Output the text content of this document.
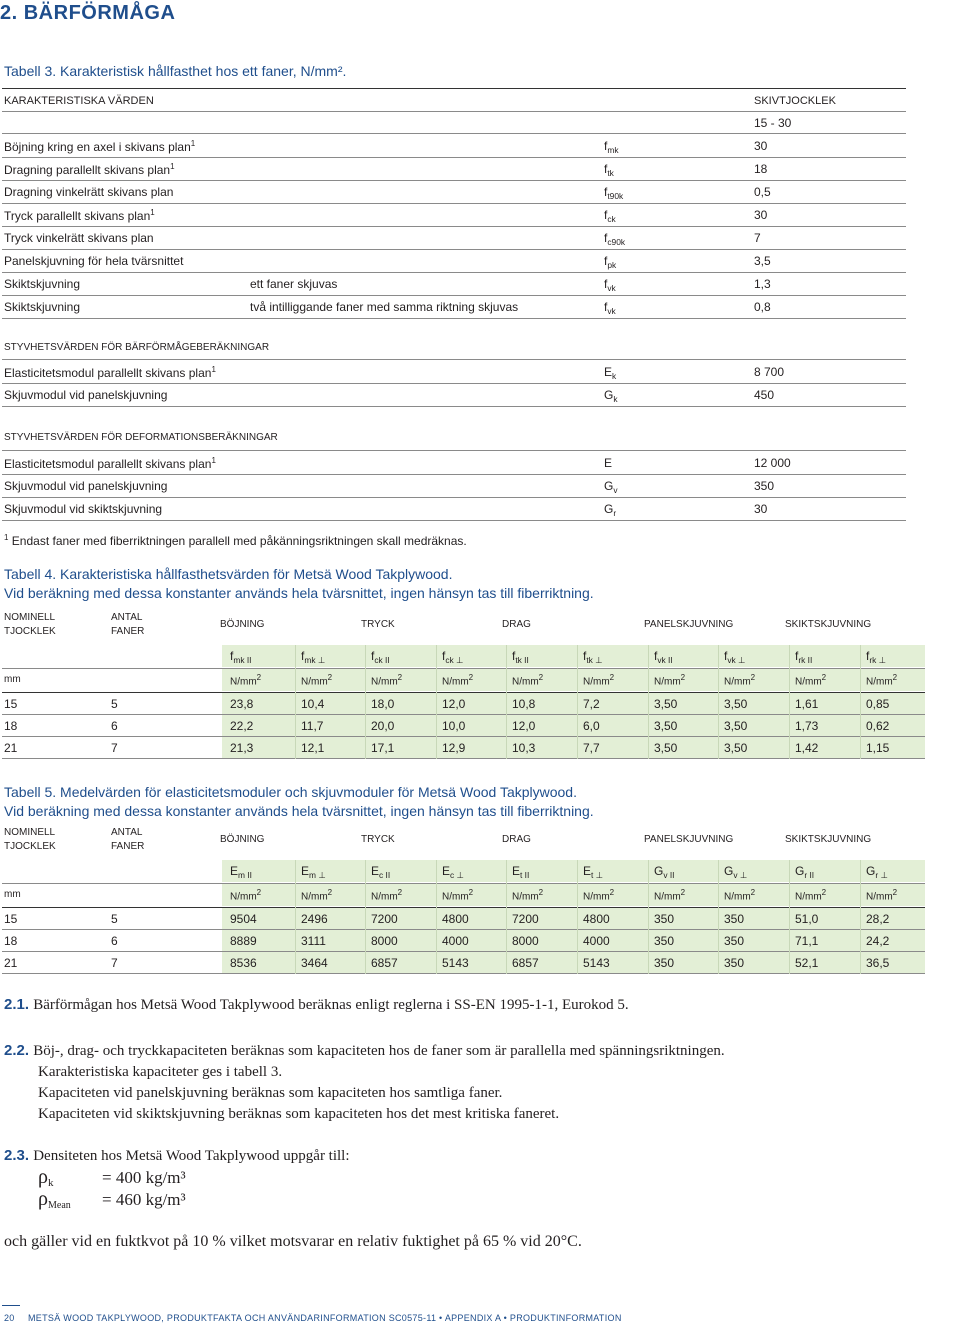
2. BÄRFÖRMÅGA
Tabell 3. Karakteristisk hållfasthet hos ett faner, N/mm².
KARAKTERISTISKA VÄRDEN	SKIVTJOCKLEK
15 - 30
Böjning kring en axel i skivans plan$^1$	$f_{mk}$	30
Dragning parallellt skivans plan$^1$	$f_{tk}$	18
Dragning vinkelrätt skivans plan	$f_{t90k}$	0,5
Tryck parallellt skivans plan$^1$	$f_{ck}$	30
Tryck vinkelrätt skivans plan	$f_{c90k}$	7
Panelskjuvning för hela tvärsnittet	$f_{pk}$	3,5
Skiktskjuvning	ett faner skjuvas	$f_{vk}$	1,3
Skiktskjuvning	två intilliggande faner med samma riktning skjuvas	$f_{vk}$	0,8
STYVHETSVÄRDEN FÖR BÄRFÖRMÅGEBERÄKNINGAR
Elasticitetsmodul parallellt skivans plan$^1$	$E_k$	8 700
Skjuvmodul vid panelskjuvning	$G_k$	450
STYVHETSVÄRDEN FÖR DEFORMATIONSBERÄKNINGAR
Elasticitetsmodul parallellt skivans plan$^1$	E	12 000
Skjuvmodul vid panelskjuvning	$G_v$	350
Skjuvmodul vid skiktskjuvning	$G_r$	30
$^1$ Endast faner med fiberriktningen parallell med påkänningsriktningen skall medräknas.
Tabell 4. Karakteristiska hållfasthetsvärden för Metsä Wood Takplywood.
Vid beräkning med dessa konstanter används hela tvärsnittet, ingen hänsyn tas till fiberriktning.
NOMINELL
TJOCKLEK
ANTAL
FANER
BÖJNING	TRYCK	DRAG	PANELSKJUVNING	SKIKTSKJUVNING
$f_{mk II}$	$f_{mk \perp}$	$f_{ck II}$	$f_{ck \perp}$	$f_{tk II}$	$f_{tk \perp}$	$f_{vk II}$	$f_{vk \perp}$	$f_{rk II}$	$f_{rk \perp}$
mm	$N/mm^2$	$N/mm^2$	$N/mm^2$	$N/mm^2$	$N/mm^2$	$N/mm^2$	$N/mm^2$	$N/mm^2$	$N/mm^2$	$N/mm^2$
15	5	23,8	10,4	18,0	12,0	10,8	7,2	3,50	3,50	1,61	0,85
18	6	22,2	11,7	20,0	10,0	12,0	6,0	3,50	3,50	1,73	0,62
21	7	21,3	12,1	17,1	12,9	10,3	7,7	3,50	3,50	1,42	1,15
Tabell 5. Medelvärden för elasticitetsmoduler och skjuvmoduler för Metsä Wood Takplywood.
Vid beräkning med dessa konstanter används hela tvärsnittet, ingen hänsyn tas till fiberriktning.
NOMINELL
TJOCKLEK
ANTAL
FANER
BÖJNING	TRYCK	DRAG	PANELSKJUVNING	SKIKTSKJUVNING
$E_{m II}$	$E_{m \perp}$	$E_{c II}$	$E_{c \perp}$	$E_{t II}$	$E_{t \perp}$	$G_{v II}$	$G_{v \perp}$	$G_{r II}$	$G_{r \perp}$
mm	$N/mm^2$	$N/mm^2$	$N/mm^2$	$N/mm^2$	$N/mm^2$	$N/mm^2$	$N/mm^2$	$N/mm^2$	$N/mm^2$	$N/mm^2$
15	5	9504	2496	7200	4800	7200	4800	350	350	51,0	28,2
18	6	8889	3111	8000	4000	8000	4000	350	350	71,1	24,2
21	7	8536	3464	6857	5143	6857	5143	350	350	52,1	36,5
2.1. Bärförmågan hos Metsä Wood Takplywood beräknas enligt reglerna i SS-EN 1995-1-1, Eurokod 5.
2.2. Böj-, drag- och tryckkapaciteten beräknas som kapaciteten hos de faner som är parallella med spänningsriktningen.
Karakteristiska kapaciteter ges i tabell 3.
Kapaciteten vid panelskjuvning beräknas som kapaciteten hos samtliga faner.
Kapaciteten vid skiktskjuvning beräknas som kapaciteten hos det mest kritiska faneret.
2.3. Densiteten hos Metsä Wood Takplywood uppgår till:
$\rho_k$	= 400 kg/m³
$\rho_{Mean} = 460$ kg/m³
och gäller vid en fuktkvot på 10 % vilket motsvarar en relativ fuktighet på 65 % vid 20°C.
20 METSÄ WOOD TAKPLYWOOD, PRODUKTFAKTA OCH ANVÄNDARINFORMATION SC0575-11 • APPENDIX A • PRODUKTINFORMATION
